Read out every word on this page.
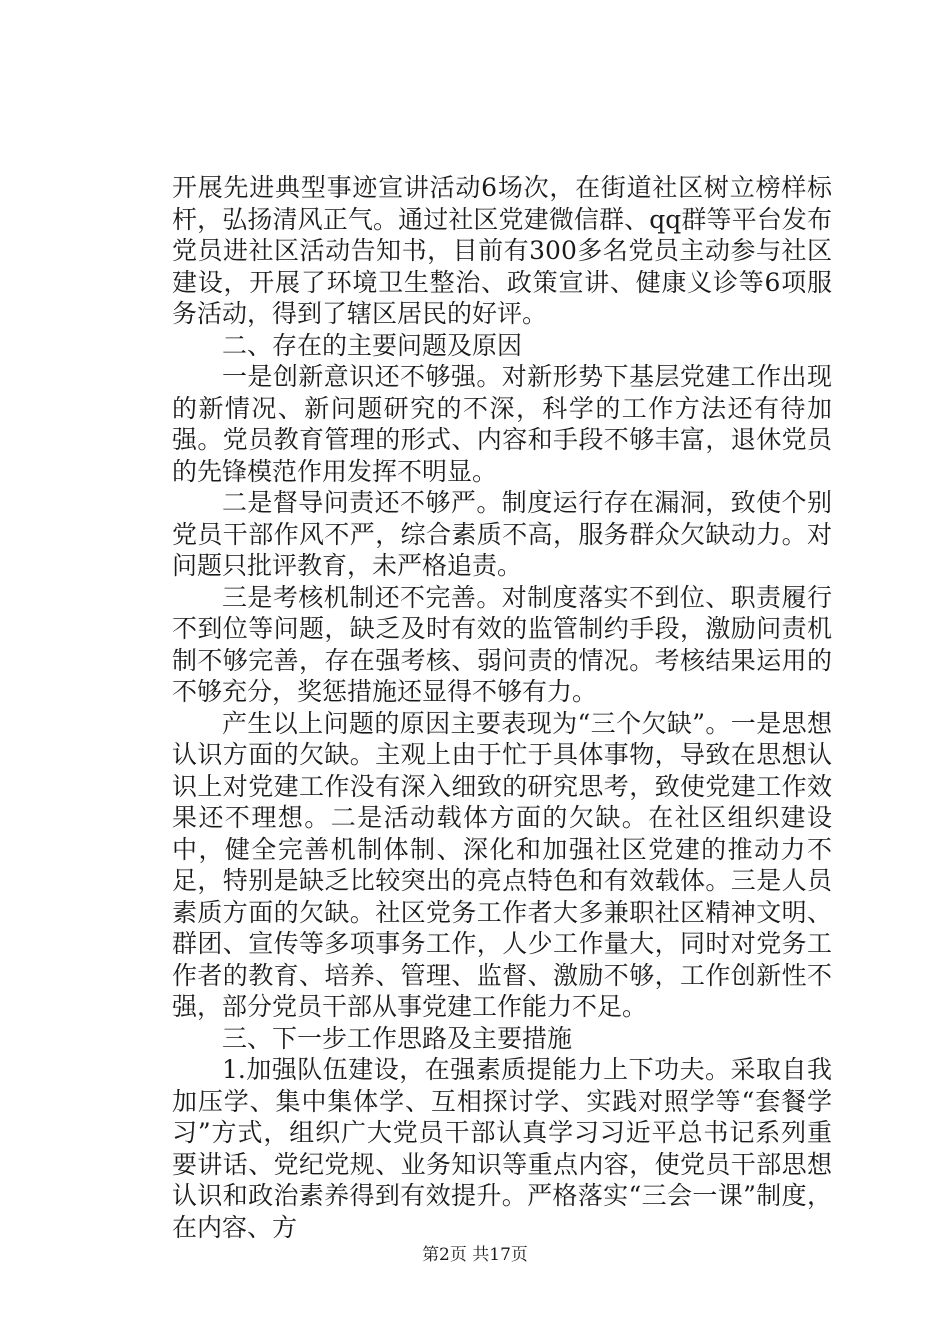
开展先进典型事迹宣讲活动6场次，在街道社区树立榜样标杆，弘扬清风正气。通过社区党建微信群、qq群等平台发布党员进社区活动告知书，目前有300多名党员主动参与社区建设，开展了环境卫生整治、政策宣讲、健康义诊等6项服务活动，得到了辖区居民的好评。

二、存在的主要问题及原因

一是创新意识还不够强。对新形势下基层党建工作出现的新情况、新问题研究的不深，科学的工作方法还有待加强。党员教育管理的形式、内容和手段不够丰富，退休党员的先锋模范作用发挥不明显。

二是督导问责还不够严。制度运行存在漏洞，致使个别党员干部作风不严，综合素质不高，服务群众欠缺动力。对问题只批评教育，未严格追责。

三是考核机制还不完善。对制度落实不到位、职责履行不到位等问题，缺乏及时有效的监管制约手段，激励问责机制不够完善，存在强考核、弱问责的情况。考核结果运用的不够充分，奖惩措施还显得不够有力。

产生以上问题的原因主要表现为“三个欠缺”。一是思想认识方面的欠缺。主观上由于忙于具体事物，导致在思想认识上对党建工作没有深入细致的研究思考，致使党建工作效果还不理想。二是活动载体方面的欠缺。在社区组织建设中，健全完善机制体制、深化和加强社区党建的推动力不足，特别是缺乏比较突出的亮点特色和有效载体。三是人员素质方面的欠缺。社区党务工作者大多兼职社区精神文明、群团、宣传等多项事务工作，人少工作量大，同时对党务工作者的教育、培养、管理、监督、激励不够，工作创新性不强，部分党员干部从事党建工作能力不足。

三、下一步工作思路及主要措施

1.加强队伍建设，在强素质提能力上下功夫。采取自我加压学、集中集体学、互相探讨学、实践对照学等“套餐学习”方式，组织广大党员干部认真学习习近平总书记系列重要讲话、党纪党规、业务知识等重点内容，使党员干部思想认识和政治素养得到有效提升。严格落实“三会一课”制度，在内容、方

第2页 共17页
